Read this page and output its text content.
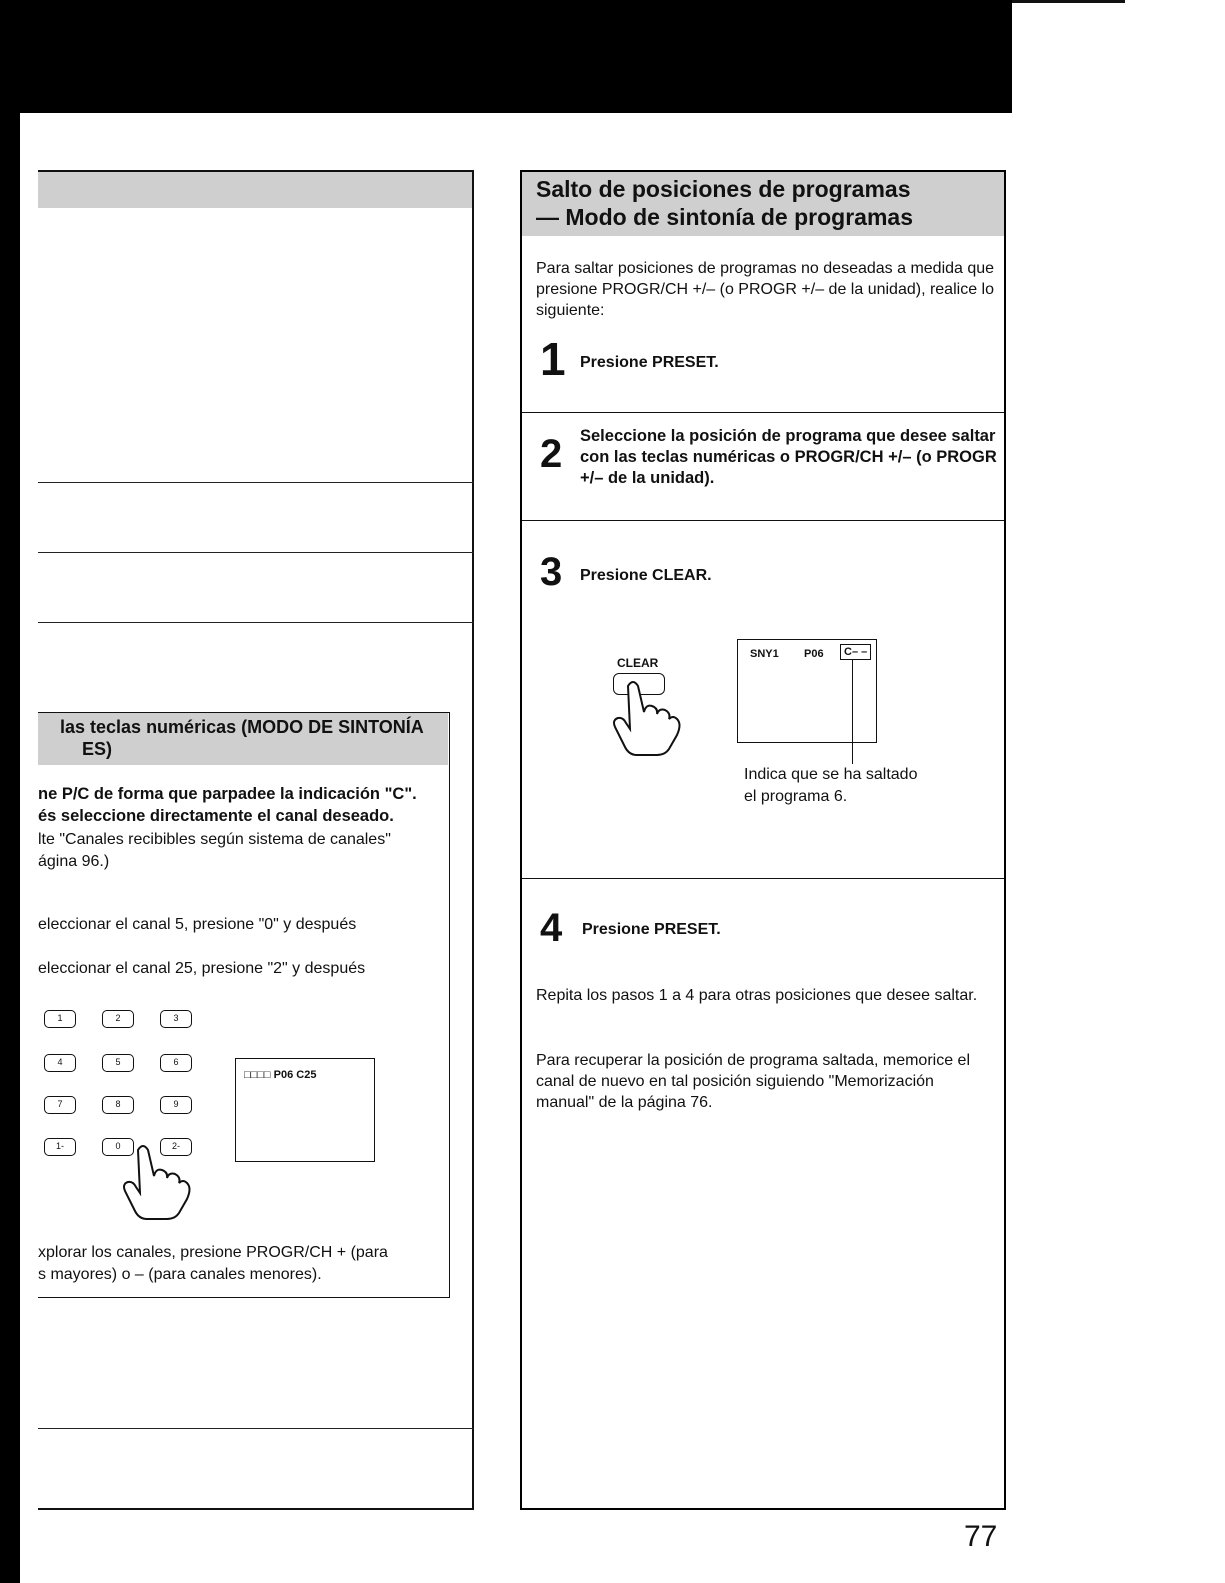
las teclas numéricas (MODO DE SINTONÍA
ES)
ne P/C de forma que parpadee la indicación "C".
és seleccione directamente el canal deseado.
lte "Canales recibibles según sistema de canales"
ágina 96.)
eleccionar el canal 5, presione "0" y después
eleccionar el canal 25, presione "2" y después
1	2	3
4	5	6
7	8	9
1-	0	2-
□□□□ P06 C25
xplorar los canales, presione PROGR/CH + (para
s mayores) o – (para canales menores).
Salto de posiciones de programas
— Modo de sintonía de programas
Para saltar posiciones de programas no deseadas a medida que presione PROGR/CH +/– (o PROGR +/– de la unidad), realice lo siguiente:
1 Presione PRESET.
2 Seleccione la posición de programa que desee saltar con las teclas numéricas o PROGR/CH +/– (o PROGR +/– de la unidad).
3 Presione CLEAR.
CLEAR
SNY1 P06	C– –
Indica que se ha saltado
el programa 6.
4 Presione PRESET.
Repita los pasos 1 a 4 para otras posiciones que desee saltar.
Para recuperar la posición de programa saltada, memorice el canal de nuevo en tal posición siguiendo "Memorización manual" de la página 76.
77
